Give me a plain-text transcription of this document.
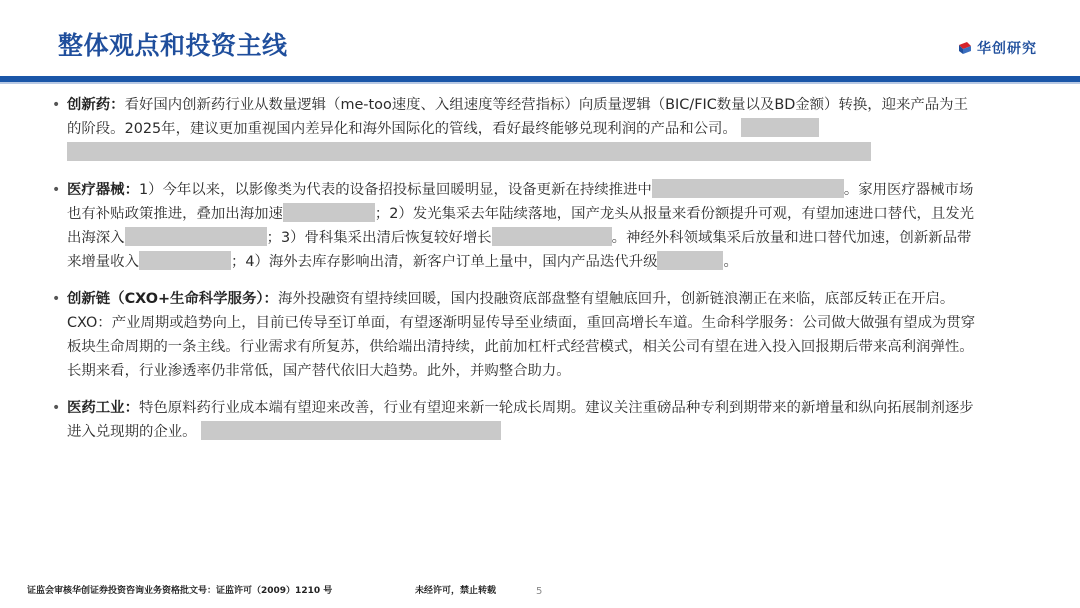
整体观点和投资主线	华创研究

• 创新药：看好国内创新药行业从数量逻辑（me-too速度、入组速度等经营指标）向质量逻辑（BIC/FIC数量以及BD金额）转换，迎来产品为王的阶段。2025年，建议更加重视国内差异化和海外国际化的管线，看好最终能够兑现利润的产品和公司。

• 医疗器械：1）今年以来，以影像类为代表的设备招投标量回暖明显，设备更新在持续推进中	。家用医疗器械市场也有补贴政策推进，叠加出海加速	；2）发光集采去年陆续落地，国产龙头从报量来看份额提升可观，有望加速进口替代，且发光出海深入	；3）骨科集采出清后恢复较好增长	。神经外科领域集采后放量和进口替代加速，创新新品带来增量收入	；4）海外去库存影响出清，新客户订单上量中，国内产品迭代升级	。

• 创新链（CXO+生命科学服务）：海外投融资有望持续回暖，国内投融资底部盘整有望触底回升，创新链浪潮正在来临，底部反转正在开启。CXO：产业周期或趋势向上，目前已传导至订单面，有望逐渐明显传导至业绩面，重回高增长车道。生命科学服务：公司做大做强有望成为贯穿板块生命周期的一条主线。行业需求有所复苏，供给端出清持续，此前加杠杆式经营模式，相关公司有望在进入投入回报期后带来高利润弹性。长期来看，行业渗透率仍非常低，国产替代依旧大趋势。此外，并购整合助力。

• 医药工业：特色原料药行业成本端有望迎来改善，行业有望迎来新一轮成长周期。建议关注重磅品种专利到期带来的新增量和纵向拓展制剂逐步进入兑现期的企业。

证监会审核华创证券投资咨询业务资格批文号：证监许可（2009）1210 号	未经许可，禁止转载	5
